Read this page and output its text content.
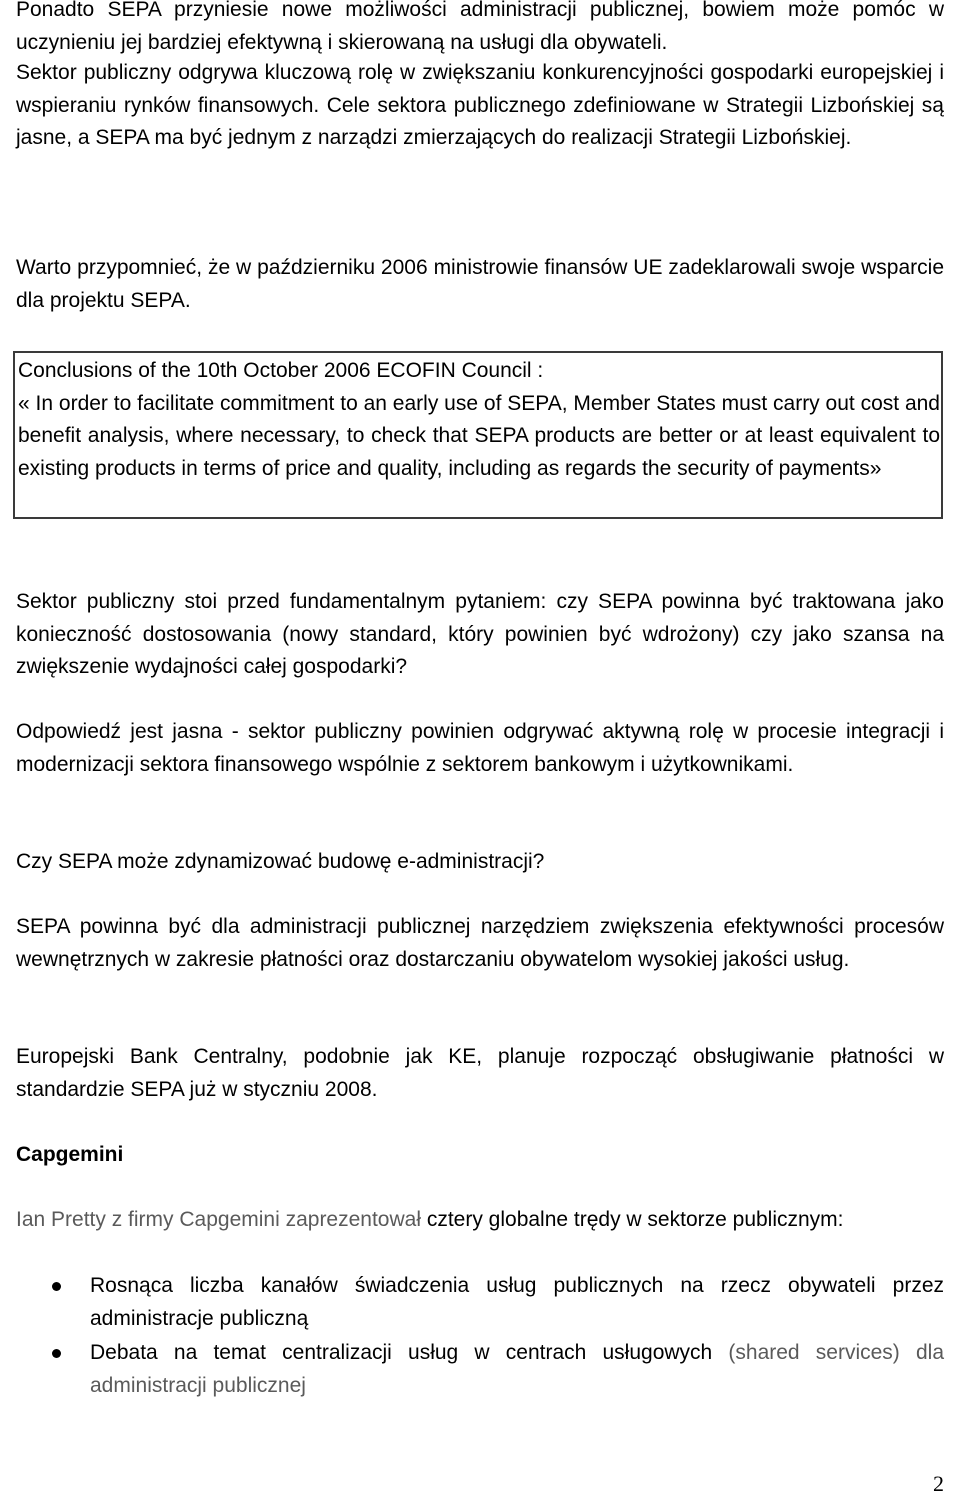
Ponadto SEPA przyniesie nowe możliwości administracji publicznej, bowiem może pomóc w uczynieniu jej bardziej efektywną i skierowaną na usługi dla obywateli.

Sektor publiczny odgrywa kluczową rolę w zwiększaniu konkurencyjności gospodarki europejskiej i wspieraniu rynków finansowych. Cele sektora publicznego zdefiniowane w Strategii Lizbońskiej są jasne, a SEPA ma być jednym z narządzi zmierzających do realizacji Strategii Lizbońskiej.

Warto przypomnieć, że w październiku 2006 ministrowie finansów UE zadeklarowali swoje wsparcie dla projektu SEPA.

Conclusions of the 10th October 2006 ECOFIN Council :

« In order to facilitate commitment to an early use of SEPA, Member States must carry out cost and benefit analysis, where necessary, to check that SEPA products are better or at least equivalent to existing products in terms of price and quality, including as regards the security of payments»

Sektor publiczny stoi przed fundamentalnym pytaniem: czy SEPA powinna być traktowana jako konieczność dostosowania (nowy standard, który powinien być wdrożony) czy jako szansa na zwiększenie wydajności całej gospodarki?

Odpowiedź jest jasna - sektor publiczny powinien odgrywać aktywną rolę w procesie integracji i modernizacji sektora finansowego wspólnie z sektorem bankowym i użytkownikami.

Czy SEPA może zdynamizować budowę e-administracji?

SEPA powinna być dla administracji publicznej narzędziem zwiększenia efektywności procesów wewnętrznych w zakresie płatności oraz dostarczaniu obywatelom wysokiej jakości usług.

Europejski Bank Centralny, podobnie jak KE, planuje rozpocząć obsługiwanie płatności w standardzie SEPA już w styczniu 2008.

Capgemini

Ian Pretty z firmy Capgemini zaprezentował cztery globalne trędy w sektorze publicznym:

Rosnąca liczba kanałów świadczenia usług publicznych na rzecz obywateli przez administracje publiczną
Debata na temat centralizacji usług w centrach usługowych (shared services) dla administracji publicznej

2
